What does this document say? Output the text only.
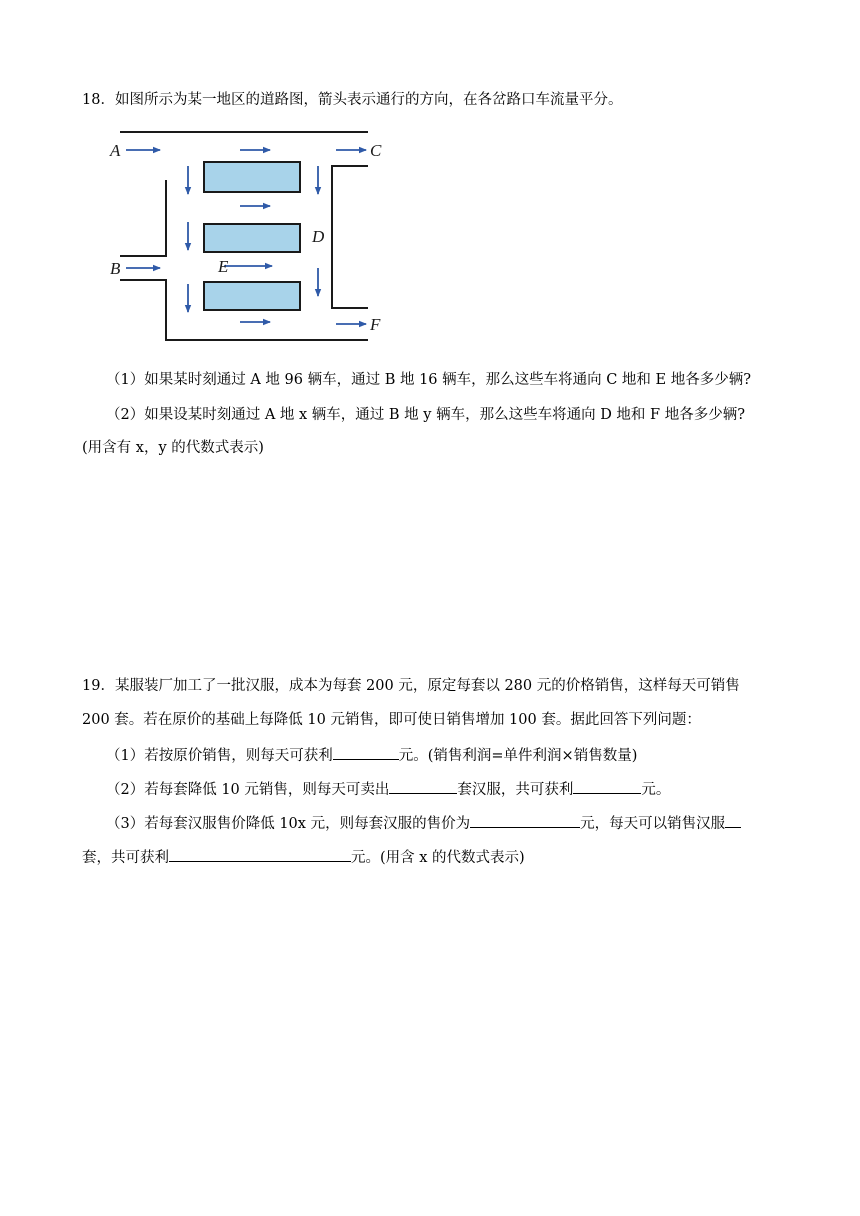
18．如图所示为某一地区的道路图，箭头表示通行的方向，在各岔路口车流量平分。
A
B
C
D
E
F
（1）如果某时刻通过 A 地 96 辆车，通过 B 地 16 辆车，那么这些车将通向 C 地和 E 地各多少辆?
（2）如果设某时刻通过 A 地 x 辆车，通过 B 地 y 辆车，那么这些车将通向 D 地和 F 地各多少辆?
(用含有 x，y 的代数式表示)
19．某服装厂加工了一批汉服，成本为每套 200 元，原定每套以 280 元的价格销售，这样每天可销售
200 套。若在原价的基础上每降低 10 元销售，即可使日销售增加 100 套。据此回答下列问题：
（1）若按原价销售，则每天可获利	元。(销售利润=单件利润×销售数量)
（2）若每套降低 10 元销售，则每天可卖出	套汉服，共可获利	元。
（3）若每套汉服售价降低 10x 元，则每套汉服的售价为	元，每天可以销售汉服
套，共可获利	元。(用含 x 的代数式表示)
